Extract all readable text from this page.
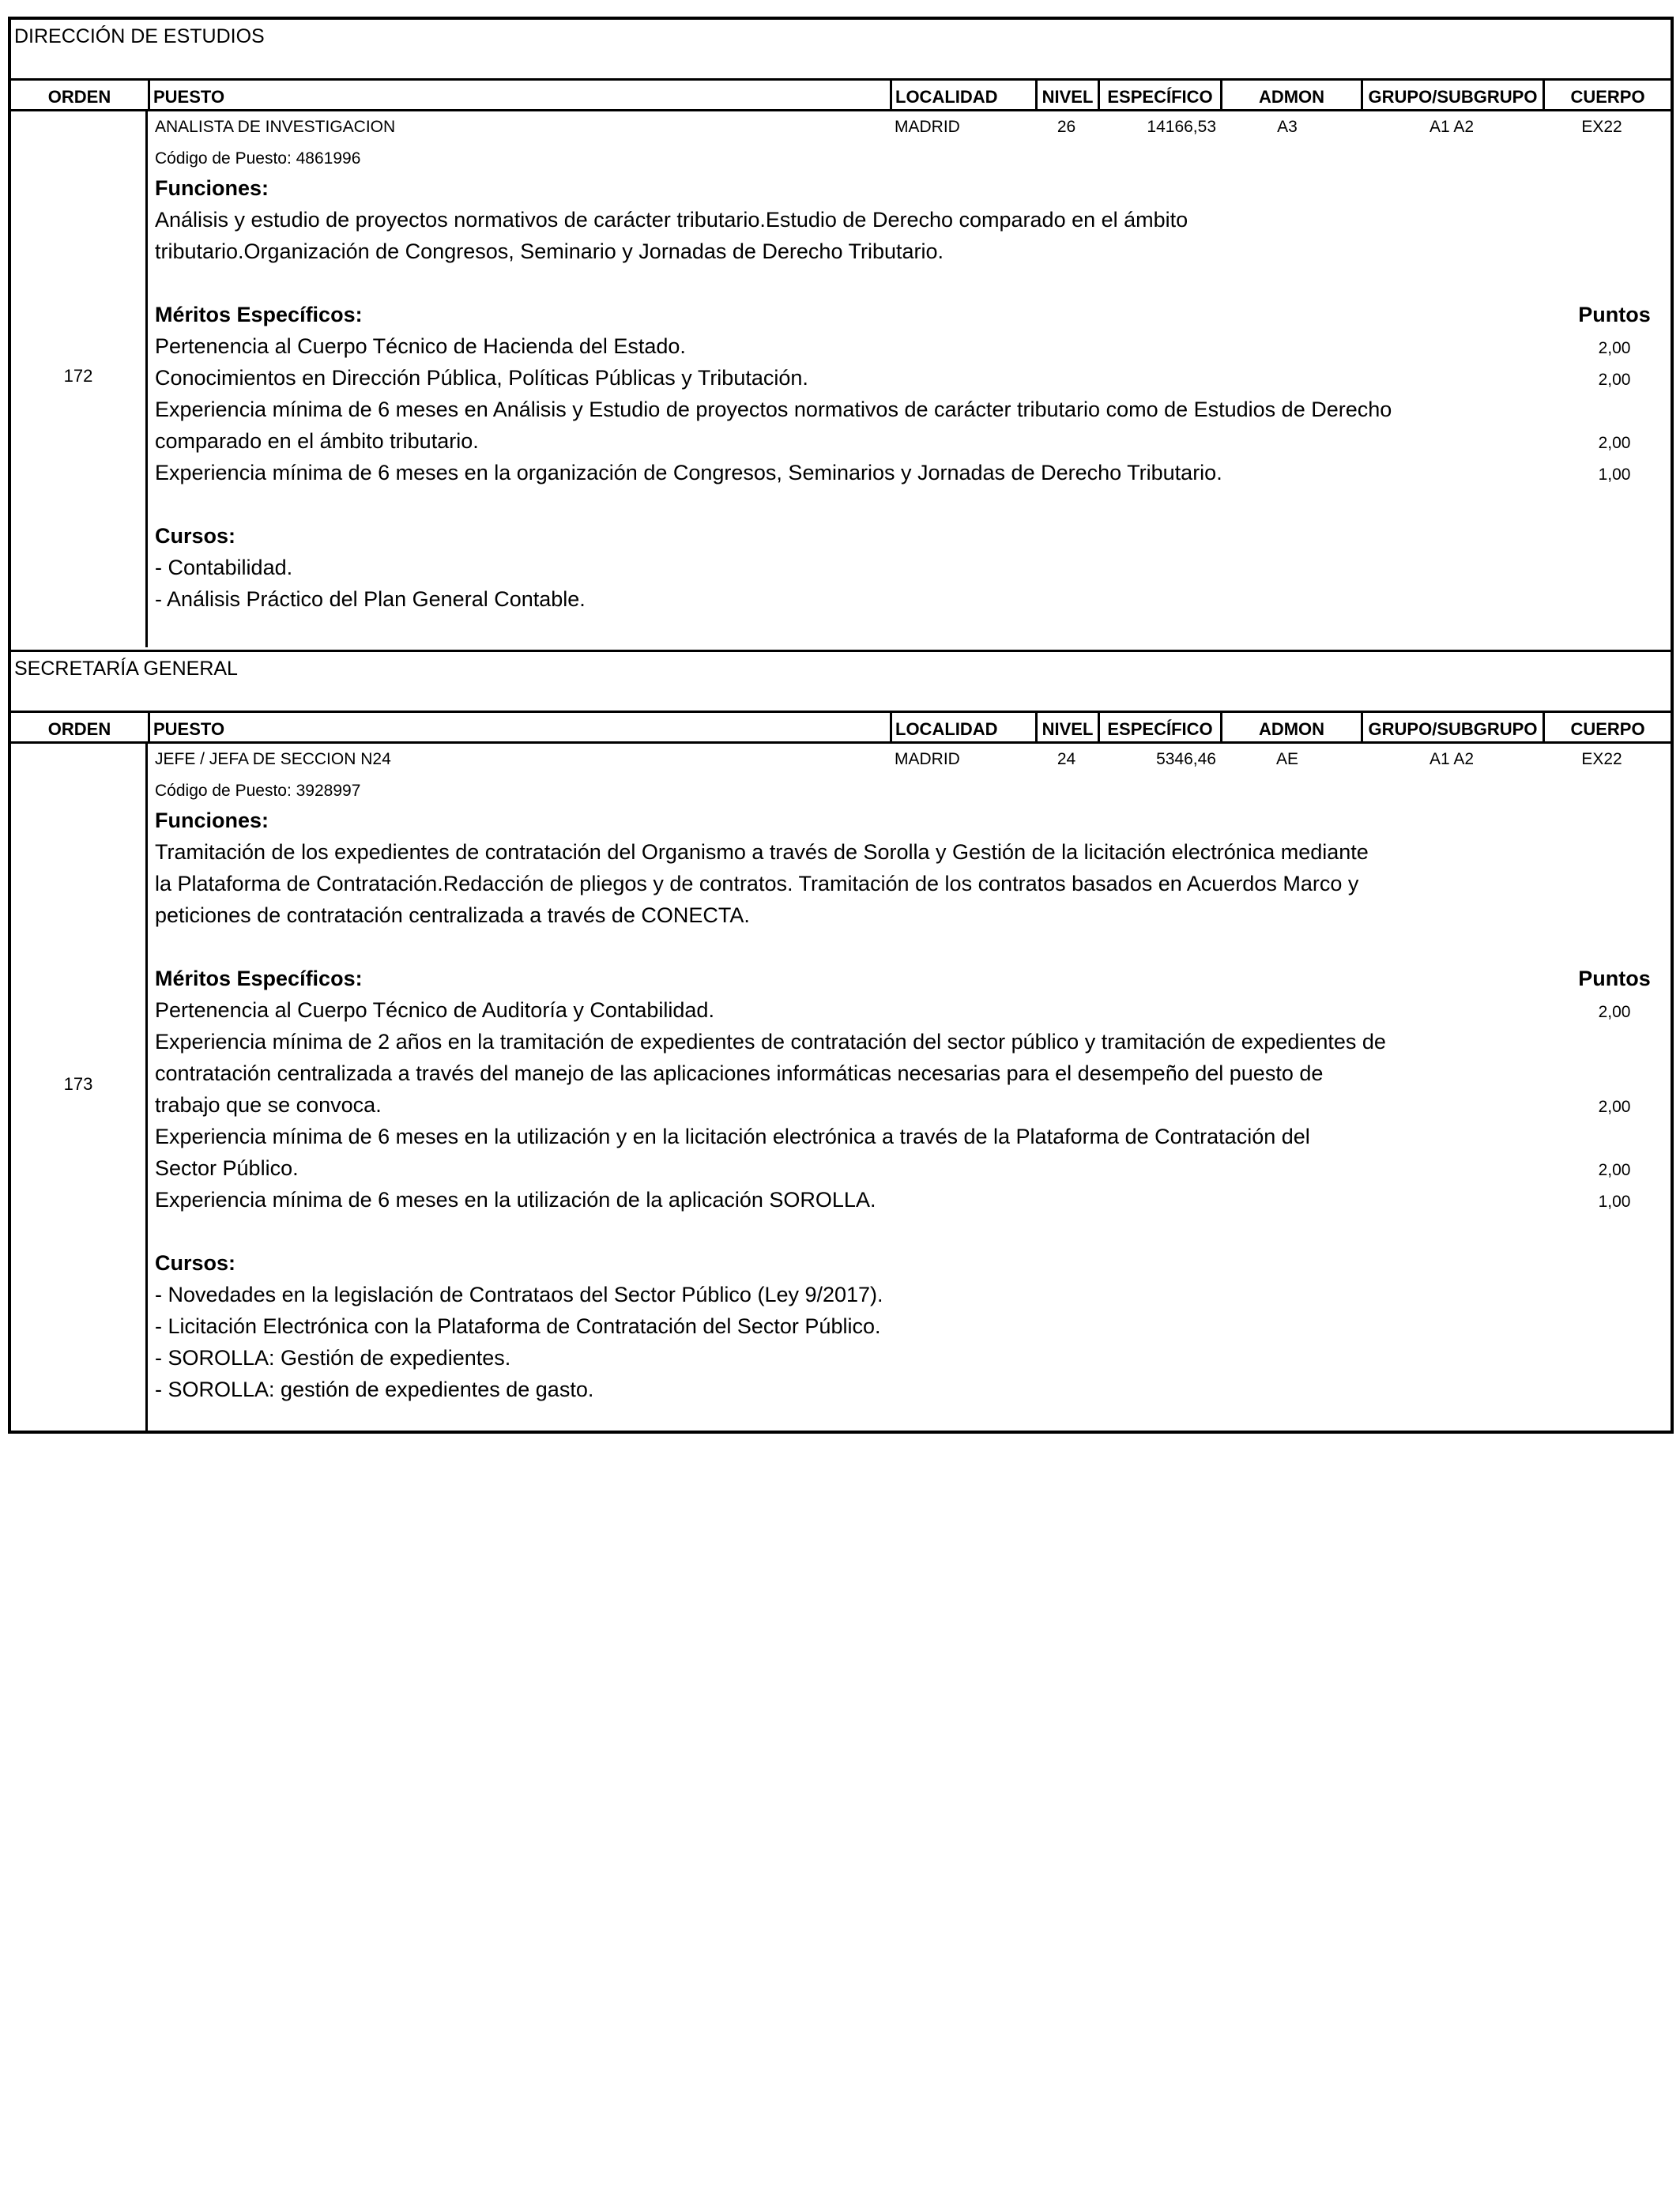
DIRECCIÓN DE ESTUDIOS
ORDEN	PUESTO	LOCALIDAD	NIVEL ESPECÍFICO	ADMON	GRUPO/SUBGRUPO	CUERPO
172
ANALISTA DE INVESTIGACION	MADRID	26	14166,53	A3	A1 A2	EX22
Código de Puesto: 4861996
Funciones:
Análisis y estudio de proyectos normativos de carácter tributario.Estudio de Derecho comparado en el ámbito
tributario.Organización de Congresos, Seminario y Jornadas de Derecho Tributario.
Méritos Específicos:	Puntos
Pertenencia al Cuerpo Técnico de Hacienda del Estado.	2,00
Conocimientos en Dirección Pública, Políticas Públicas y Tributación.	2,00
Experiencia mínima de 6 meses en Análisis y Estudio de proyectos normativos de carácter tributario como de Estudios de Derecho
comparado en el ámbito tributario.	2,00
Experiencia mínima de 6 meses en la organización de Congresos, Seminarios y Jornadas de Derecho Tributario.	1,00
Cursos:
- Contabilidad.
- Análisis Práctico del Plan General Contable.
SECRETARÍA GENERAL
ORDEN	PUESTO	LOCALIDAD	NIVEL ESPECÍFICO	ADMON	GRUPO/SUBGRUPO	CUERPO
173
JEFE / JEFA DE SECCION N24	MADRID	24	5346,46	AE	A1 A2	EX22
Código de Puesto: 3928997
Funciones:
Tramitación de los expedientes de contratación del Organismo a través de Sorolla y Gestión de la licitación electrónica mediante
la Plataforma de Contratación.Redacción de pliegos y de contratos. Tramitación de los contratos basados en Acuerdos Marco y
peticiones de contratación centralizada a través de CONECTA.
Méritos Específicos:	Puntos
Pertenencia al Cuerpo Técnico de Auditoría y Contabilidad.	2,00
Experiencia mínima de 2 años en la tramitación de expedientes de contratación del sector público y tramitación de expedientes de
contratación centralizada a través del manejo de las aplicaciones informáticas necesarias para el desempeño del puesto de
trabajo que se convoca.	2,00
Experiencia mínima de 6 meses en la utilización y en la licitación electrónica a través de la Plataforma de Contratación del
Sector Público.	2,00
Experiencia mínima de 6 meses en la utilización de la aplicación SOROLLA.	1,00
Cursos:
- Novedades en la legislación de Contrataos del Sector Público (Ley 9/2017).
- Licitación Electrónica con la Plataforma de Contratación del Sector Público.
- SOROLLA: Gestión de expedientes.
- SOROLLA: gestión de expedientes de gasto.
